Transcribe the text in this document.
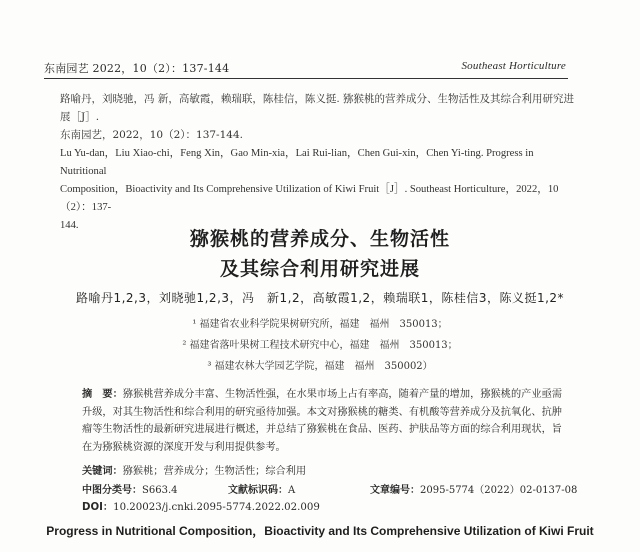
东南园艺 2022，10（2）：137-144	Southeast Horticulture

路喻丹，刘晓驰，冯 新，高敏霞，赖瑞联，陈桂信，陈义挺. 猕猴桃的营养成分、生物活性及其综合利用研究进展［J］.

东南园艺，2022，10（2）：137-144.

Lu Yu-dan，Liu Xiao-chi，Feng Xin，Gao Min-xia，Lai Rui-lian，Chen Gui-xin，Chen Yi-ting. Progress in Nutritional

Composition，Bioactivity and Its Comprehensive Utilization of Kiwi Fruit［J］. Southeast Horticulture，2022，10（2）：137-

144.

猕猴桃的营养成分、生物活性
及其综合利用研究进展
路喻丹1,2,3，刘晓驰1,2,3，冯　新1,2，高敏霞1,2，赖瑞联1，陈桂信3，陈义挺1,2*

¹ 福建省农业科学院果树研究所，福建　福州　350013；

² 福建省落叶果树工程技术研究中心，福建　福州　350013；

³ 福建农林大学园艺学院，福建　福州　350002）

摘　要：猕猴桃营养成分丰富、生物活性强，在水果市场上占有率高，随着产量的增加，猕猴桃的产业亟需升级，对其生物活性和综合利用的研究亟待加强。本文对猕猴桃的糖类、有机酸等营养成分及抗氧化、抗肿瘤等生物活性的最新研究进展进行概述，并总结了猕猴桃在食品、医药、护肤品等方面的综合利用现状，旨在为猕猴桃资源的深度开发与利用提供参考。
关键词：猕猴桃；营养成分；生物活性；综合利用
中图分类号：S663.4	文献标识码：A	文章编号：2095-5774（2022）02-0137-08
DOI：10.20023/j.cnki.2095-5774.2022.02.009
Progress in Nutritional Composition，Bioactivity and Its Comprehensive Utilization of Kiwi Fruit
